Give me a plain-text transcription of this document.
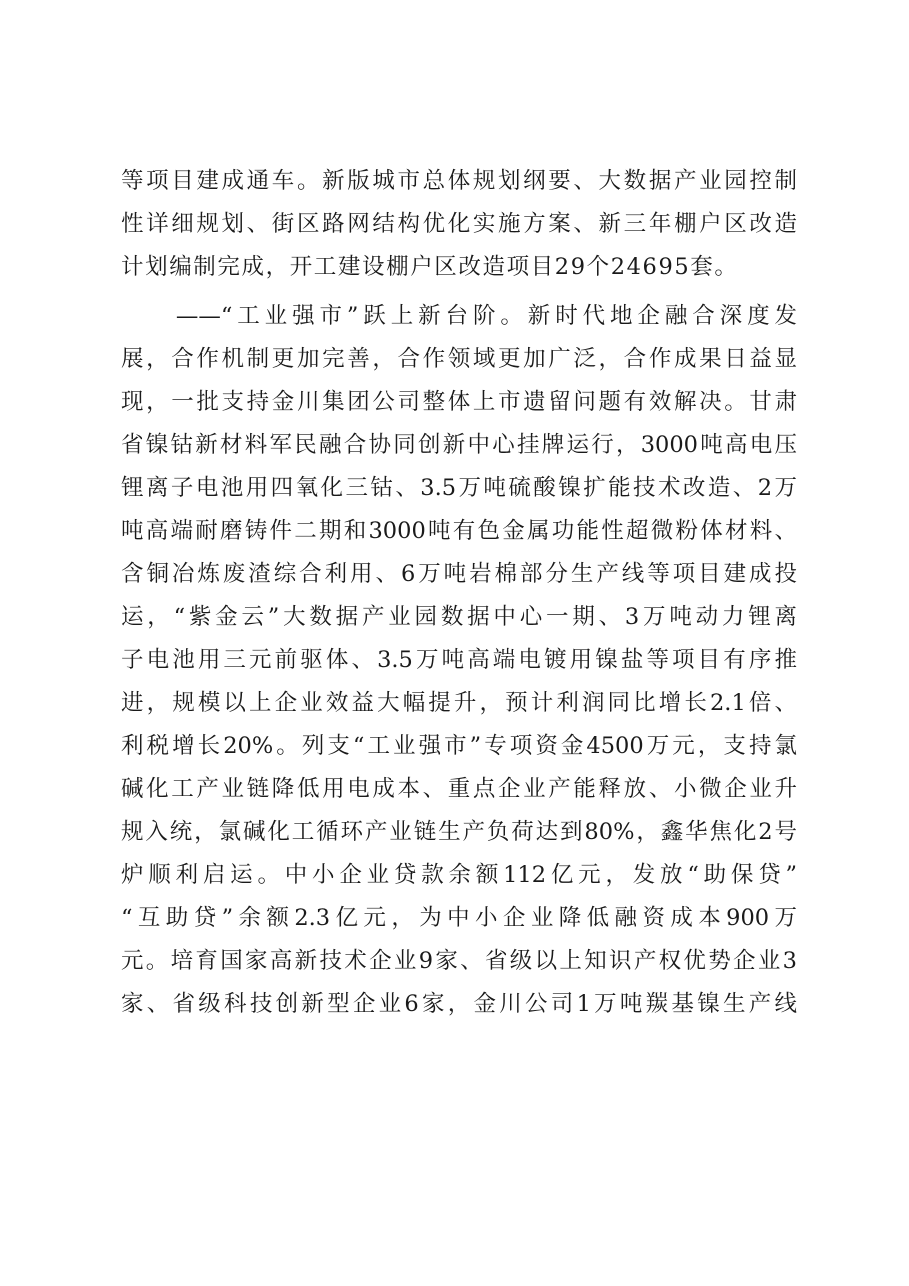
等项目建成通车。新版城市总体规划纲要、大数据产业园控制
性详细规划、街区路网结构优化实施方案、新三年棚户区改造
计划编制完成，开工建设棚户区改造项目29个24695套。
　　——“工业强市”跃上新台阶。新时代地企融合深度发
展，合作机制更加完善，合作领域更加广泛，合作成果日益显
现，一批支持金川集团公司整体上市遗留问题有效解决。甘肃
省镍钴新材料军民融合协同创新中心挂牌运行，3000吨高电压
锂离子电池用四氧化三钴、3.5万吨硫酸镍扩能技术改造、2万
吨高端耐磨铸件二期和3000吨有色金属功能性超微粉体材料、
含铜冶炼废渣综合利用、6万吨岩棉部分生产线等项目建成投
运，“紫金云”大数据产业园数据中心一期、3万吨动力锂离
子电池用三元前驱体、3.5万吨高端电镀用镍盐等项目有序推
进，规模以上企业效益大幅提升，预计利润同比增长2.1倍、
利税增长20%。列支“工业强市”专项资金4500万元，支持氯
碱化工产业链降低用电成本、重点企业产能释放、小微企业升
规入统，氯碱化工循环产业链生产负荷达到80%，鑫华焦化2号
炉顺利启运。中小企业贷款余额112亿元，发放“助保贷”
“互助贷”余额2.3亿元，为中小企业降低融资成本900万
元。培育国家高新技术企业9家、省级以上知识产权优势企业3
家、省级科技创新型企业6家，金川公司1万吨羰基镍生产线
